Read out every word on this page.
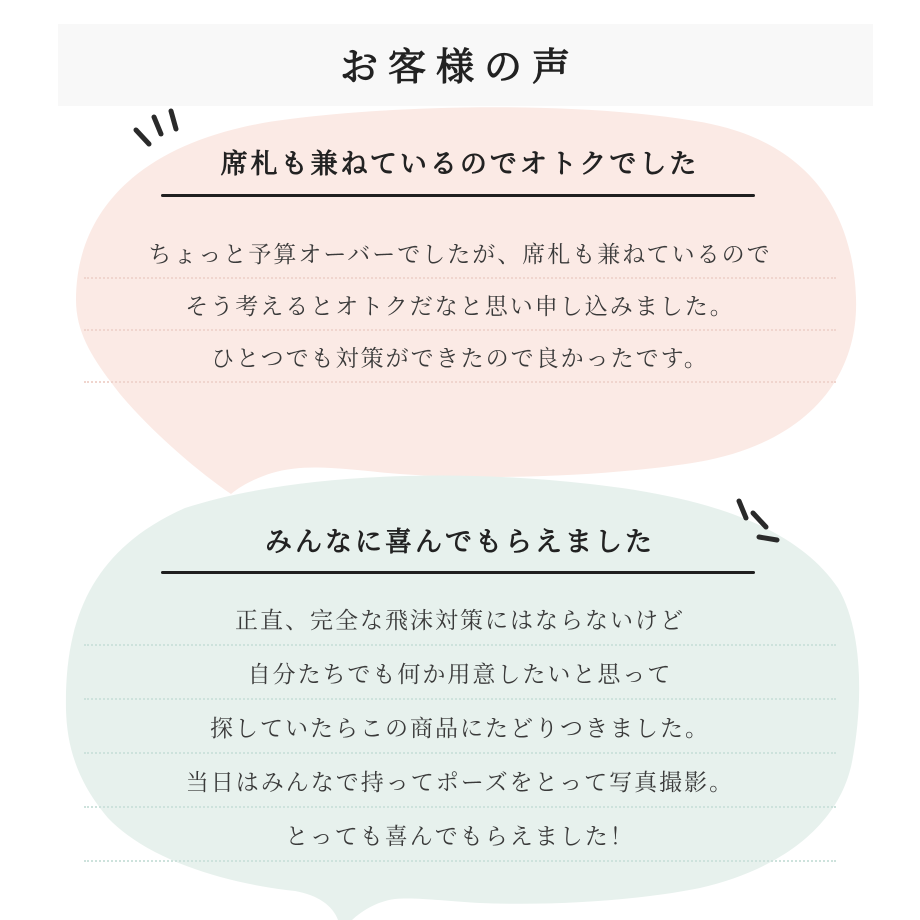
お客様の声
席札も兼ねているのでオトクでした
ちょっと予算オーバーでしたが、席札も兼ねているので
そう考えるとオトクだなと思い申し込みました。
ひとつでも対策ができたので良かったです。
みんなに喜んでもらえました
正直、完全な飛沫対策にはならないけど
自分たちでも何か用意したいと思って
探していたらこの商品にたどりつきました。
当日はみんなで持ってポーズをとって写真撮影。
とっても喜んでもらえました！
